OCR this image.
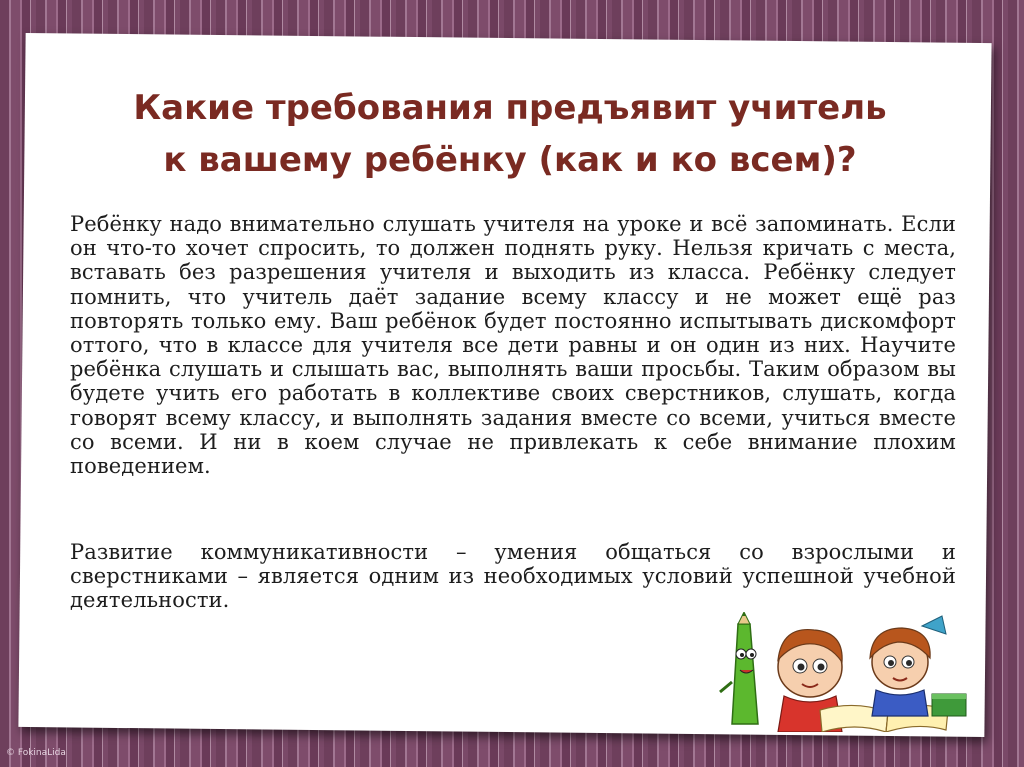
Какие требования предъявит учитель к вашему ребёнку (как и ко всем)?

Ребёнку надо внимательно слушать учителя на уроке и всё запоминать. Если он что-то хочет спросить, то должен поднять руку. Нельзя кричать с места, вставать без разрешения учителя и выходить из класса. Ребёнку следует помнить, что учитель даёт задание всему классу и не может ещё раз повторять только ему. Ваш ребёнок будет постоянно испытывать дискомфорт оттого, что в классе для учителя все дети равны и он один из них. Научите ребёнка слушать и слышать вас, выполнять ваши просьбы. Таким образом вы будете учить его работать в коллективе своих сверстников, слушать, когда говорят всему классу, и выполнять задания вместе со всеми, учиться вместе со всеми. И ни в коем случае не привлекать к себе внимание плохим поведением.

Развитие коммуникативности – умения общаться со взрослыми и сверстниками – является одним из необходимых условий успешной учебной деятельности.

© FokinaLida
